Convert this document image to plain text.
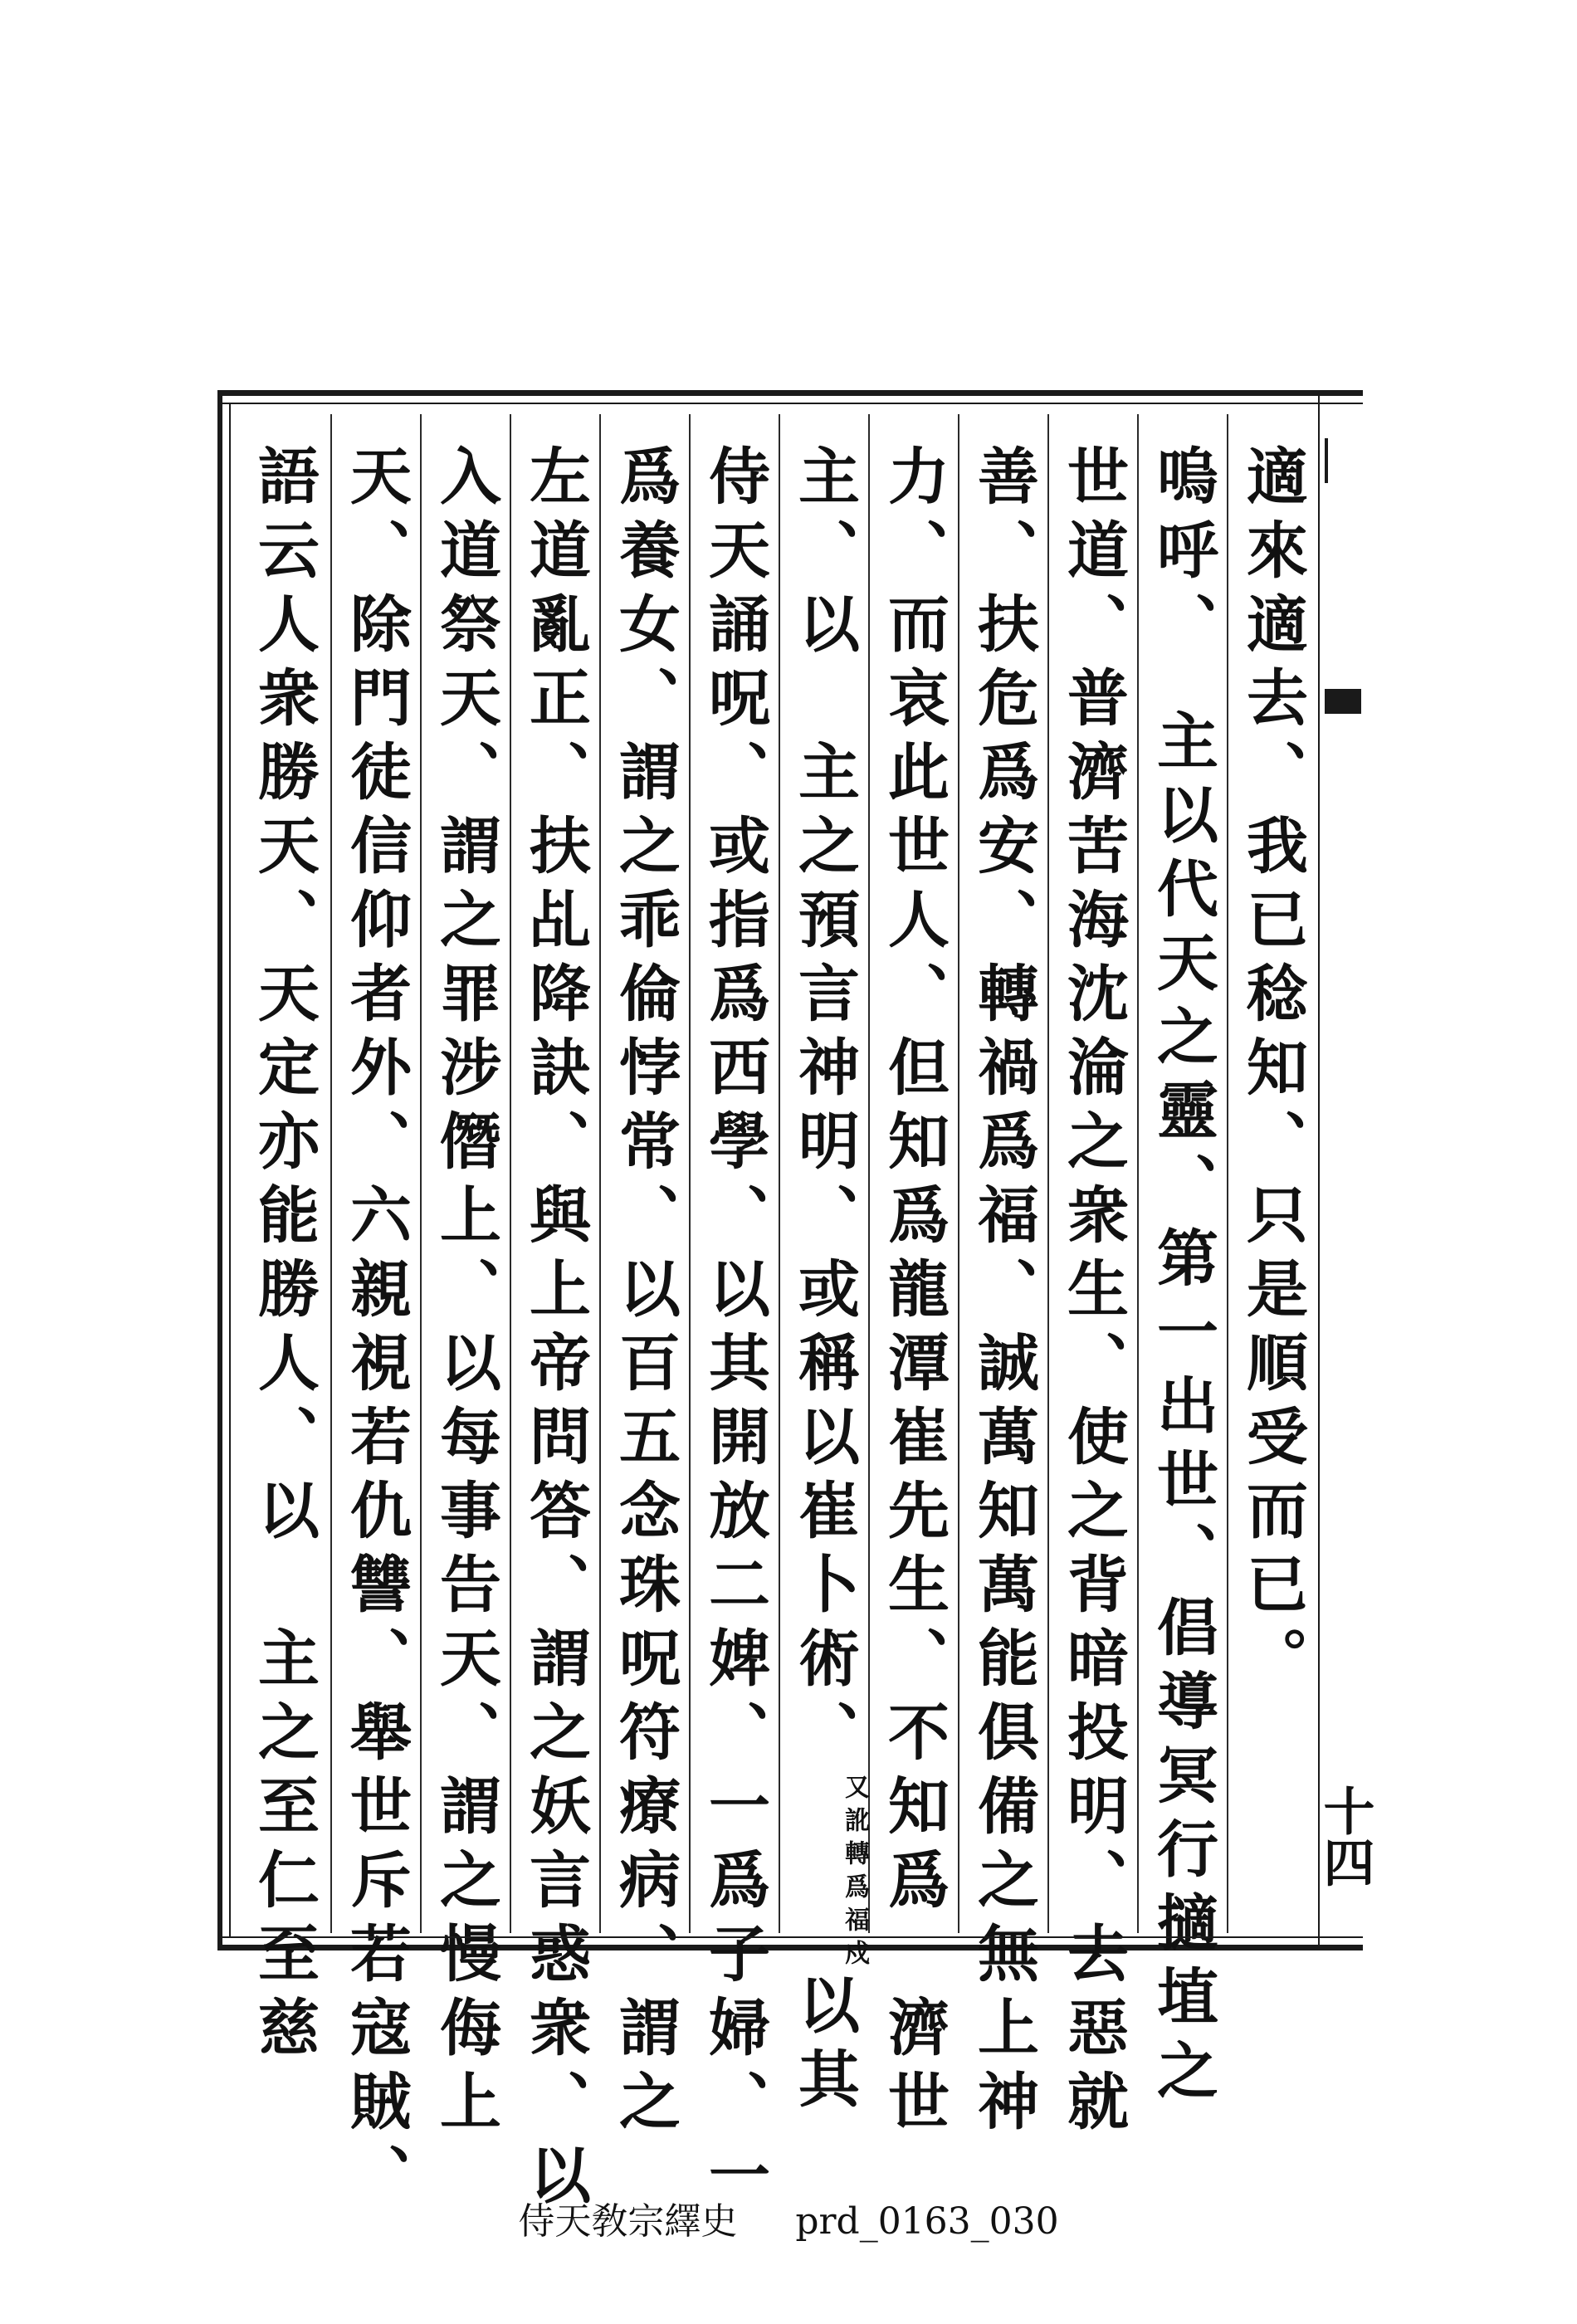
適來適去、我已稔知、只是順受而已。
嗚呼、　主以代天之靈、第一出世、倡導冥行擿埴之
世道、普濟苦海沈淪之衆生、使之背暗投明、去惡就
善、扶危爲安、轉禍爲福、誠萬知萬能俱備之無上神
力、而哀此世人、但知爲龍潭崔先生、不知爲　濟世
主、以　主之預言神明、或稱以崔卜術、又訛轉爲福戍以其
侍天誦呪、或指爲西學、以其開放二婢、一爲子婦、一
爲養女、謂之乖倫悖常、以百五念珠呪符療病、謂之
左道亂正、扶乩降訣、與上帝問答、謂之妖言惑衆、以
入道祭天、謂之罪涉僭上、以每事告天、謂之慢侮上
天、除門徒信仰者外、六親視若仇讐、舉世斥若寇賊、
語云人衆勝天、天定亦能勝人、以　主之至仁至慈	十四
侍天敎宗繹史 prd_0163_030
